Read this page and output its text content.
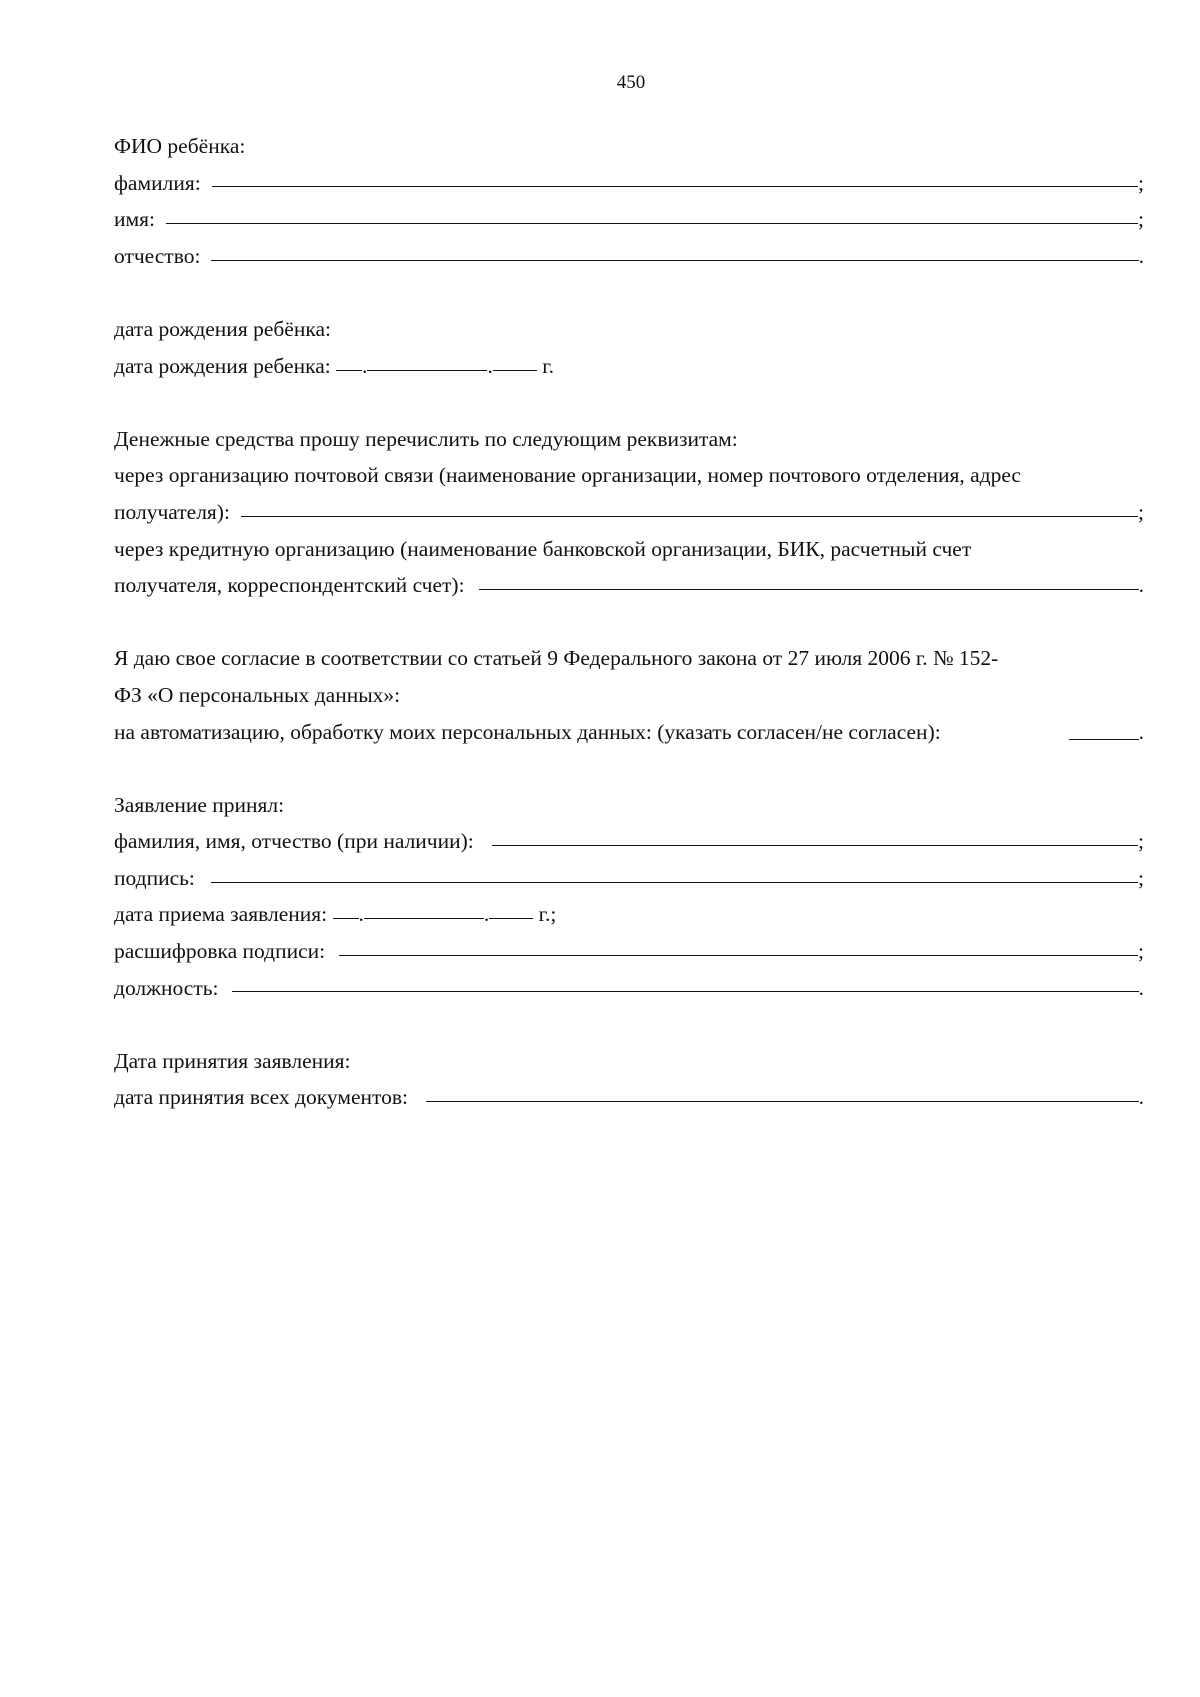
450
ФИО ребёнка:
фамилия:	;
имя:	;
отчество:	.
дата рождения ребёнка:
дата рождения ребенка: .	. г.
Денежные средства прошу перечислить по следующим реквизитам:
через организацию почтовой связи (наименование организации, номер почтового отделения, адрес
получателя):	;
через кредитную организацию (наименование банковской организации, БИК, расчетный счет
получателя, корреспондентский счет):	.
Я даю свое согласие в соответствии со статьей 9 Федерального закона от 27 июля 2006 г. № 152-
ФЗ «О персональных данных»:
на автоматизацию, обработку моих персональных данных: (указать согласен/не согласен):	.
Заявление принял:
фамилия, имя, отчество (при наличии):	;
подпись:	;
дата приема заявления: .	. г.;
расшифровка подписи:	;
должность:	.
Дата принятия заявления:
дата принятия всех документов:	.
